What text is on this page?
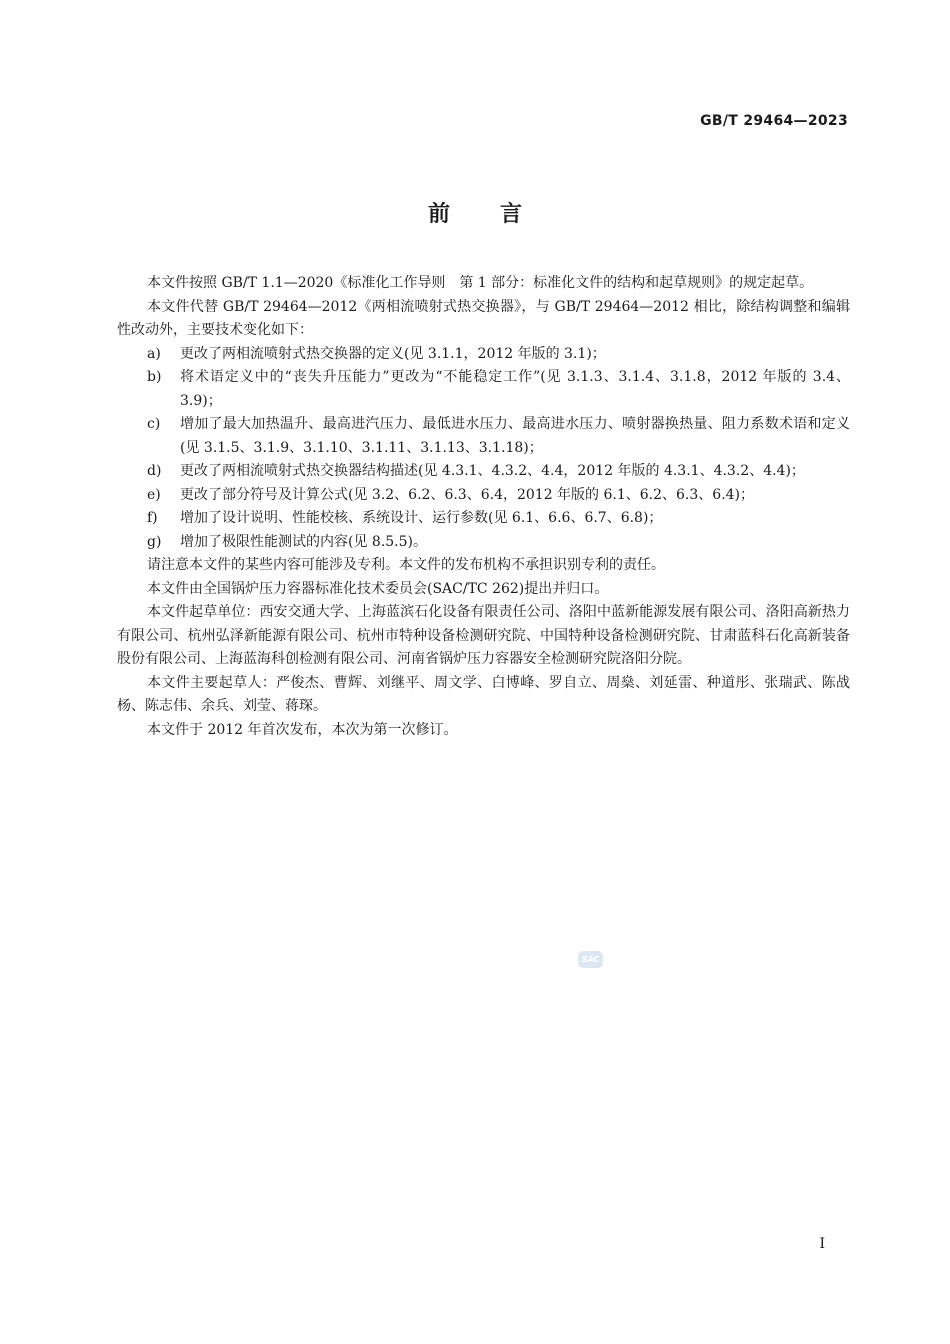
GB/T 29464—2023
前言

本文件按照 GB/T 1.1—2020《标准化工作导则　第 1 部分：标准化文件的结构和起草规则》的规定起草。

本文件代替 GB/T 29464—2012《两相流喷射式热交换器》，与 GB/T 29464—2012 相比，除结构调整和编辑性改动外，主要技术变化如下：

a) 更改了两相流喷射式热交换器的定义(见 3.1.1，2012 年版的 3.1)；

b) 将术语定义中的“丧失升压能力”更改为“不能稳定工作”(见 3.1.3、3.1.4、3.1.8，2012 年版的 3.4、3.9)；

c) 增加了最大加热温升、最高进汽压力、最低进水压力、最高进水压力、喷射器换热量、阻力系数术语和定义(见 3.1.5、3.1.9、3.1.10、3.1.11、3.1.13、3.1.18)；

d) 更改了两相流喷射式热交换器结构描述(见 4.3.1、4.3.2、4.4，2012 年版的 4.3.1、4.3.2、4.4)；

e) 更改了部分符号及计算公式(见 3.2、6.2、6.3、6.4，2012 年版的 6.1、6.2、6.3、6.4)；

f) 增加了设计说明、性能校核、系统设计、运行参数(见 6.1、6.6、6.7、6.8)；

g) 增加了极限性能测试的内容(见 8.5.5)。

请注意本文件的某些内容可能涉及专利。本文件的发布机构不承担识别专利的责任。

本文件由全国锅炉压力容器标准化技术委员会(SAC/TC 262)提出并归口。

本文件起草单位：西安交通大学、上海蓝滨石化设备有限责任公司、洛阳中蓝新能源发展有限公司、洛阳高新热力有限公司、杭州弘泽新能源有限公司、杭州市特种设备检测研究院、中国特种设备检测研究院、甘肃蓝科石化高新装备股份有限公司、上海蓝海科创检测有限公司、河南省锅炉压力容器安全检测研究院洛阳分院。

本文件主要起草人：严俊杰、曹辉、刘继平、周文学、白博峰、罗自立、周燊、刘延雷、种道彤、张瑞武、陈战杨、陈志伟、余兵、刘莹、蒋琛。

本文件于 2012 年首次发布，本次为第一次修订。

SAC
I
